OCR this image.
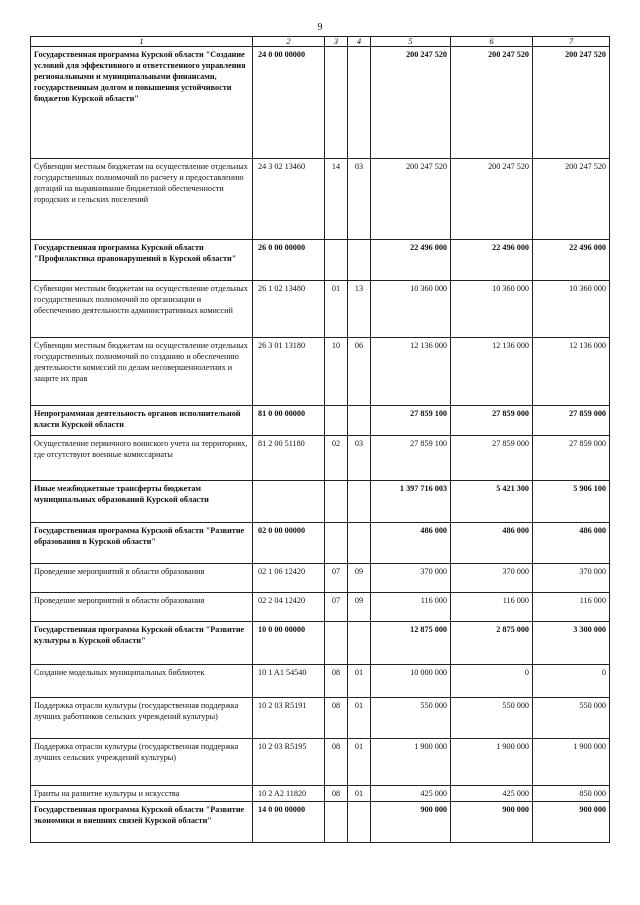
9
1	2	3	4	5	6	7
Государственная программа Курской области "Создание условий для эффективного и ответственного управления региональными и муниципальными финансами, государственным долгом и повышения устойчивости бюджетов Курской области"	24 0 00 00000			200 247 520	200 247 520	200 247 520
Субвенции местным бюджетам на осуществление отдельных государственных полномочий по расчету и предоставлению дотаций на выравнивание бюджетной обеспеченности городских и сельских поселений	24 3 02 13460	14	03	200 247 520	200 247 520	200 247 520
Государственная программа Курской области "Профилактика правонарушений в Курской области"	26 0 00 00000			22 496 000	22 496 000	22 496 000
Субвенции местным бюджетам на осуществление отдельных государственных полномочий по организации и обеспечению деятельности административных комиссий	26 1 02 13480	01	13	10 360 000	10 360 000	10 360 000
Субвенции местным бюджетам на осуществление отдельных государственных полномочий по созданию и обеспечению деятельности комиссий по делам несовершеннолетних и защите их прав	26 3 01 13180	10	06	12 136 000	12 136 000	12 136 000
Непрограммная деятельность органов исполнительной власти Курской области	81 0 00 00000			27 859 100	27 859 000	27 859 000
Осуществление первичного воинского учета на территориях, где отсутствуют военные комиссариаты	81 2 00 51180	02	03	27 859 100	27 859 000	27 859 000
Иные межбюджетные трансферты бюджетам муниципальных образований Курской области				1 397 716 003	5 421 300	5 906 100
Государственная программа Курской области "Развитие образования в Курской области"	02 0 00 00000			486 000	486 000	486 000
Проведение мероприятий в области образования	02 1 06 12420	07	09	370 000	370 000	370 000
Проведение мероприятий в области образования	02 2 04 12420	07	09	116 000	116 000	116 000
Государственная программа Курской области "Развитие культуры в Курской области"	10 0 00 00000			12 875 000	2 875 000	3 300 000
Создание модельных муниципальных библиотек	10 1 A1 54540	08	01	10 000 000	0	0
Поддержка отрасли культуры (государственная поддержка лучших работников сельских учреждений культуры)	10 2 03 R5191	08	01	550 000	550 000	550 000
Поддержка отрасли культуры (государственная поддержка лучших сельских учреждений культуры)	10 2 03 R5195	08	01	1 900 000	1 900 000	1 900 000
Гранты на развитие культуры и искусства	10 2 A2 11820	08	01	425 000	425 000	850 000
Государственная программа Курской области "Развитие экономики и внешних связей Курской области"	14 0 00 00000			900 000	900 000	900 000
